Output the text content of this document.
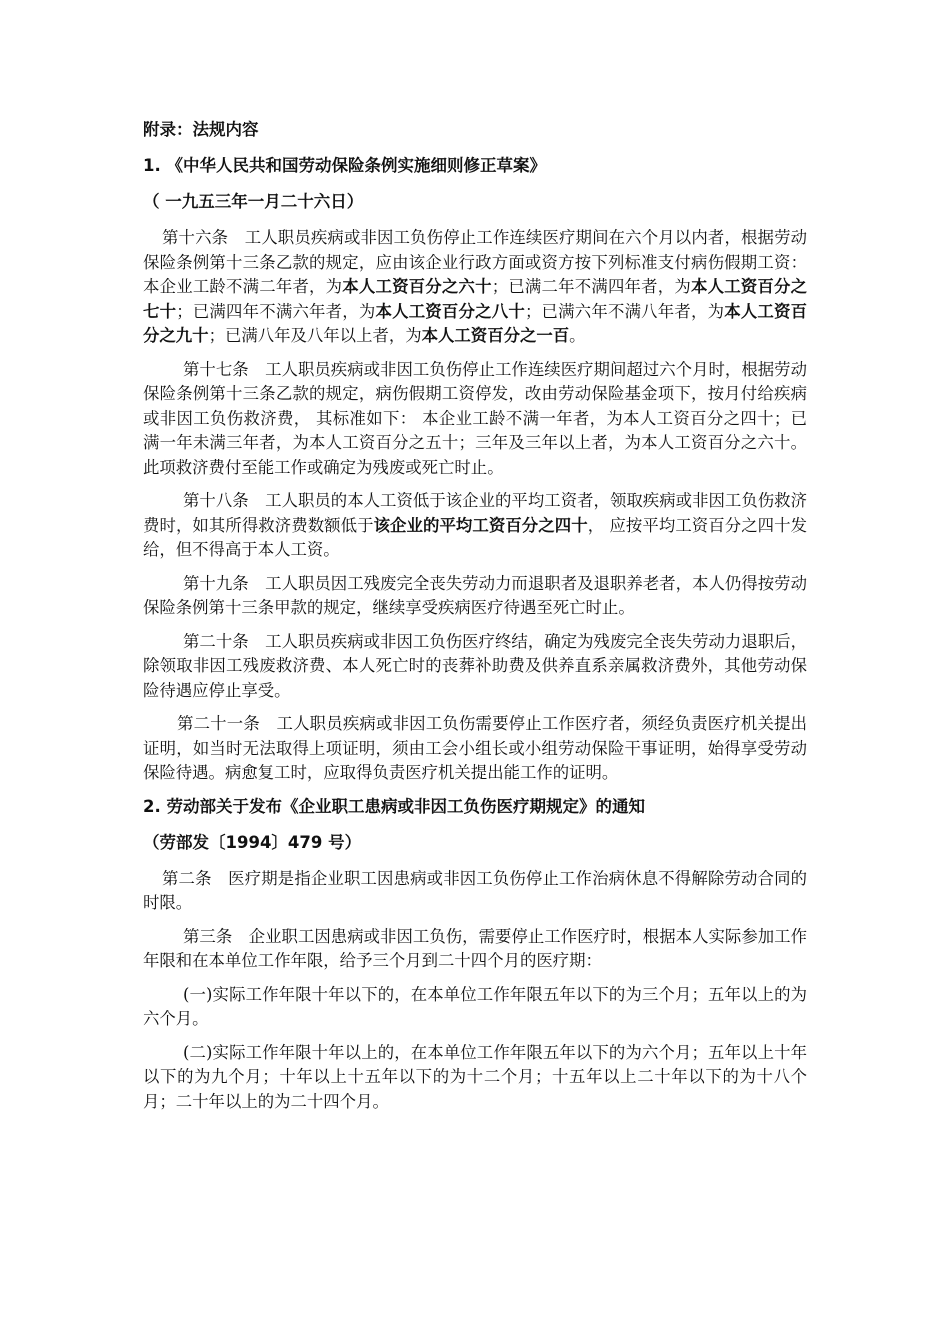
附录：法规内容
1. 《中华人民共和国劳动保险条例实施细则修正草案》
（ 一九五三年一月二十六日）

第十六条　工人职员疾病或非因工负伤停止工作连续医疗期间在六个月以内者，根据劳动保险条例第十三条乙款的规定，应由该企业行政方面或资方按下列标准支付病伤假期工资：本企业工龄不满二年者，为本人工资百分之六十；已满二年不满四年者，为本人工资百分之七十；已满四年不满六年者，为本人工资百分之八十；已满六年不满八年者，为本人工资百分之九十；已满八年及八年以上者，为本人工资百分之一百。

第十七条　工人职员疾病或非因工负伤停止工作连续医疗期间超过六个月时，根据劳动保险条例第十三条乙款的规定，病伤假期工资停发，改由劳动保险基金项下，按月付给疾病或非因工负伤救济费， 其标准如下： 本企业工龄不满一年者，为本人工资百分之四十；已满一年未满三年者，为本人工资百分之五十；三年及三年以上者，为本人工资百分之六十。此项救济费付至能工作或确定为残废或死亡时止。

第十八条　工人职员的本人工资低于该企业的平均工资者，领取疾病或非因工负伤救济费时，如其所得救济费数额低于该企业的平均工资百分之四十， 应按平均工资百分之四十发给，但不得高于本人工资。

第十九条　工人职员因工残废完全丧失劳动力而退职者及退职养老者，本人仍得按劳动保险条例第十三条甲款的规定，继续享受疾病医疗待遇至死亡时止。

第二十条　工人职员疾病或非因工负伤医疗终结，确定为残废完全丧失劳动力退职后，除领取非因工残废救济费、本人死亡时的丧葬补助费及供养直系亲属救济费外，其他劳动保险待遇应停止享受。

第二十一条　工人职员疾病或非因工负伤需要停止工作医疗者，须经负责医疗机关提出证明，如当时无法取得上项证明，须由工会小组长或小组劳动保险干事证明，始得享受劳动保险待遇。病愈复工时，应取得负责医疗机关提出能工作的证明。

2. 劳动部关于发布《企业职工患病或非因工负伤医疗期规定》的通知
（劳部发〔1994〕479 号）

第二条　医疗期是指企业职工因患病或非因工负伤停止工作治病休息不得解除劳动合同的时限。

第三条　企业职工因患病或非因工负伤，需要停止工作医疗时，根据本人实际参加工作年限和在本单位工作年限，给予三个月到二十四个月的医疗期：

(一)实际工作年限十年以下的，在本单位工作年限五年以下的为三个月；五年以上的为六个月。

(二)实际工作年限十年以上的，在本单位工作年限五年以下的为六个月；五年以上十年以下的为九个月；十年以上十五年以下的为十二个月；十五年以上二十年以下的为十八个月；二十年以上的为二十四个月。
